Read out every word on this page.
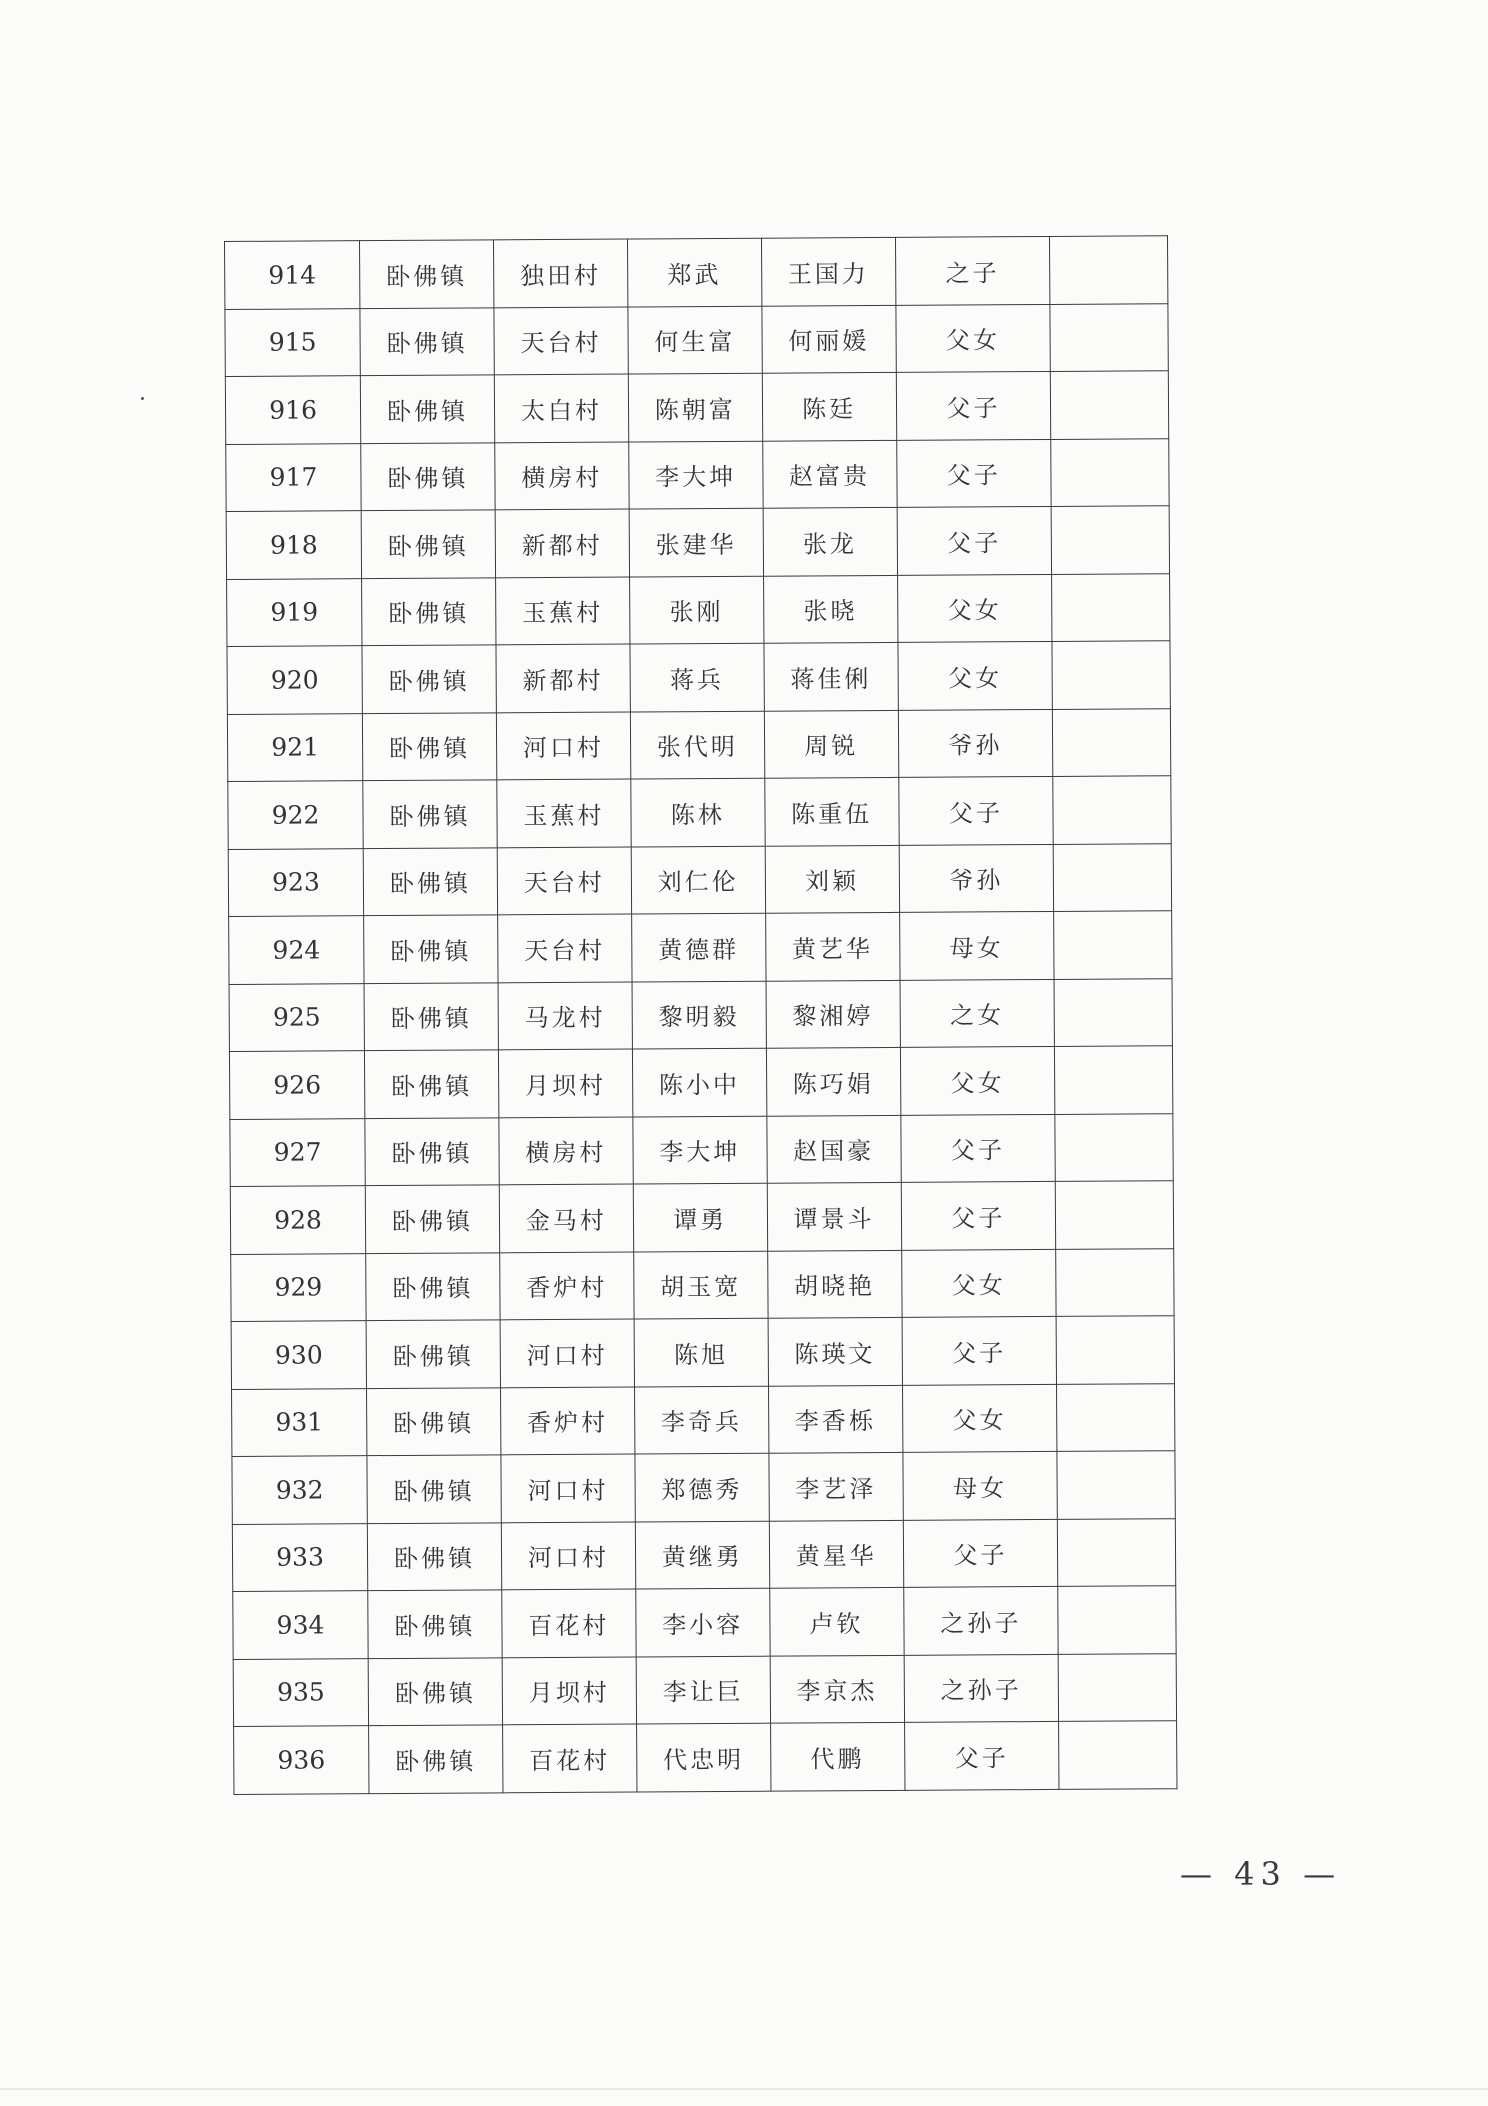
914	卧佛镇	独田村	郑武	王国力	之子	
915	卧佛镇	天台村	何生富	何丽媛	父女	
916	卧佛镇	太白村	陈朝富	陈廷	父子	
917	卧佛镇	横房村	李大坤	赵富贵	父子	
918	卧佛镇	新都村	张建华	张龙	父子	
919	卧佛镇	玉蕉村	张刚	张晓	父女	
920	卧佛镇	新都村	蒋兵	蒋佳俐	父女	
921	卧佛镇	河口村	张代明	周锐	爷孙	
922	卧佛镇	玉蕉村	陈林	陈重伍	父子	
923	卧佛镇	天台村	刘仁伦	刘颖	爷孙	
924	卧佛镇	天台村	黄德群	黄艺华	母女	
925	卧佛镇	马龙村	黎明毅	黎湘婷	之女	
926	卧佛镇	月坝村	陈小中	陈巧娟	父女	
927	卧佛镇	横房村	李大坤	赵国豪	父子	
928	卧佛镇	金马村	谭勇	谭景斗	父子	
929	卧佛镇	香炉村	胡玉宽	胡晓艳	父女	
930	卧佛镇	河口村	陈旭	陈瑛文	父子	
931	卧佛镇	香炉村	李奇兵	李香栎	父女	
932	卧佛镇	河口村	郑德秀	李艺泽	母女	
933	卧佛镇	河口村	黄继勇	黄星华	父子	
934	卧佛镇	百花村	李小容	卢钦	之孙子	
935	卧佛镇	月坝村	李让巨	李京杰	之孙子	
936	卧佛镇	百花村	代忠明	代鹏	父子	
— 43 —
